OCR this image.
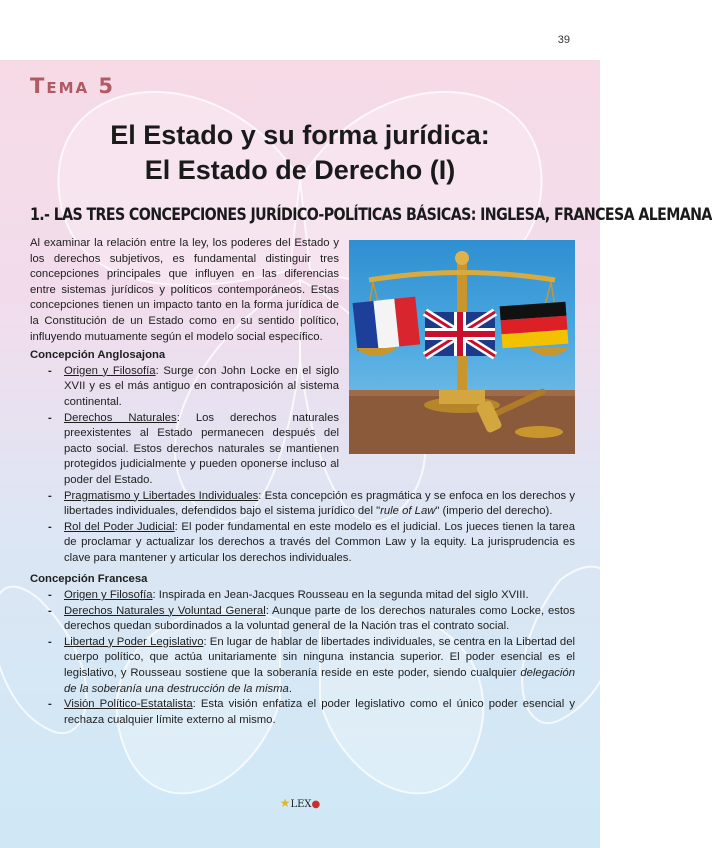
39
Tema 5
El Estado y su forma jurídica:
El Estado de Derecho (I)
1.- LAS TRES CONCEPCIONES JURÍDICO-POLÍTICAS BÁSICAS: INGLESA, FRANCESA ALEMANA

Al examinar la relación entre la ley, los poderes del Estado y los derechos subjetivos, es fundamental distinguir tres concepciones principales que influyen en las diferencias entre sistemas jurídicos y políticos contemporáneos. Estas concepciones tienen un impacto tanto en la forma jurídica de la Constitución de un Estado como en su sentido político, influyendo mutuamente según el modelo social específico.

Concepción Anglosajona
- Origen y Filosofía: Surge con John Locke en el siglo XVII y es el más antiguo en contraposición al sistema continental.
- Derechos Naturales: Los derechos naturales preexistentes al Estado permanecen después del pacto social. Estos derechos naturales se mantienen protegidos judicialmente y pueden oponerse incluso al poder del Estado.
- Pragmatismo y Libertades Individuales: Esta concepción es pragmática y se enfoca en los derechos y libertades individuales, defendidos bajo el sistema jurídico del "rule of Law" (imperio del derecho).
- Rol del Poder Judicial: El poder fundamental en este modelo es el judicial. Los jueces tienen la tarea de proclamar y actualizar los derechos a través del Common Law y la equity. La jurisprudencia es clave para mantener y articular los derechos individuales.
Concepción Francesa
- Origen y Filosofía: Inspirada en Jean-Jacques Rousseau en la segunda mitad del siglo XVIII.
- Derechos Naturales y Voluntad General: Aunque parte de los derechos naturales como Locke, estos derechos quedan subordinados a la voluntad general de la Nación tras el contrato social.
- Libertad y Poder Legislativo: En lugar de hablar de libertades individuales, se centra en la Libertad del cuerpo político, que actúa unitariamente sin ninguna instancia superior. El poder esencial es el legislativo, y Rousseau sostiene que la soberanía reside en este poder, siendo cualquier delegación de la soberanía una destrucción de la misma.
- Visión Político-Estatalista: Esta visión enfatiza el poder legislativo como el único poder esencial y rechaza cualquier límite externo al mismo.
★LEX●
